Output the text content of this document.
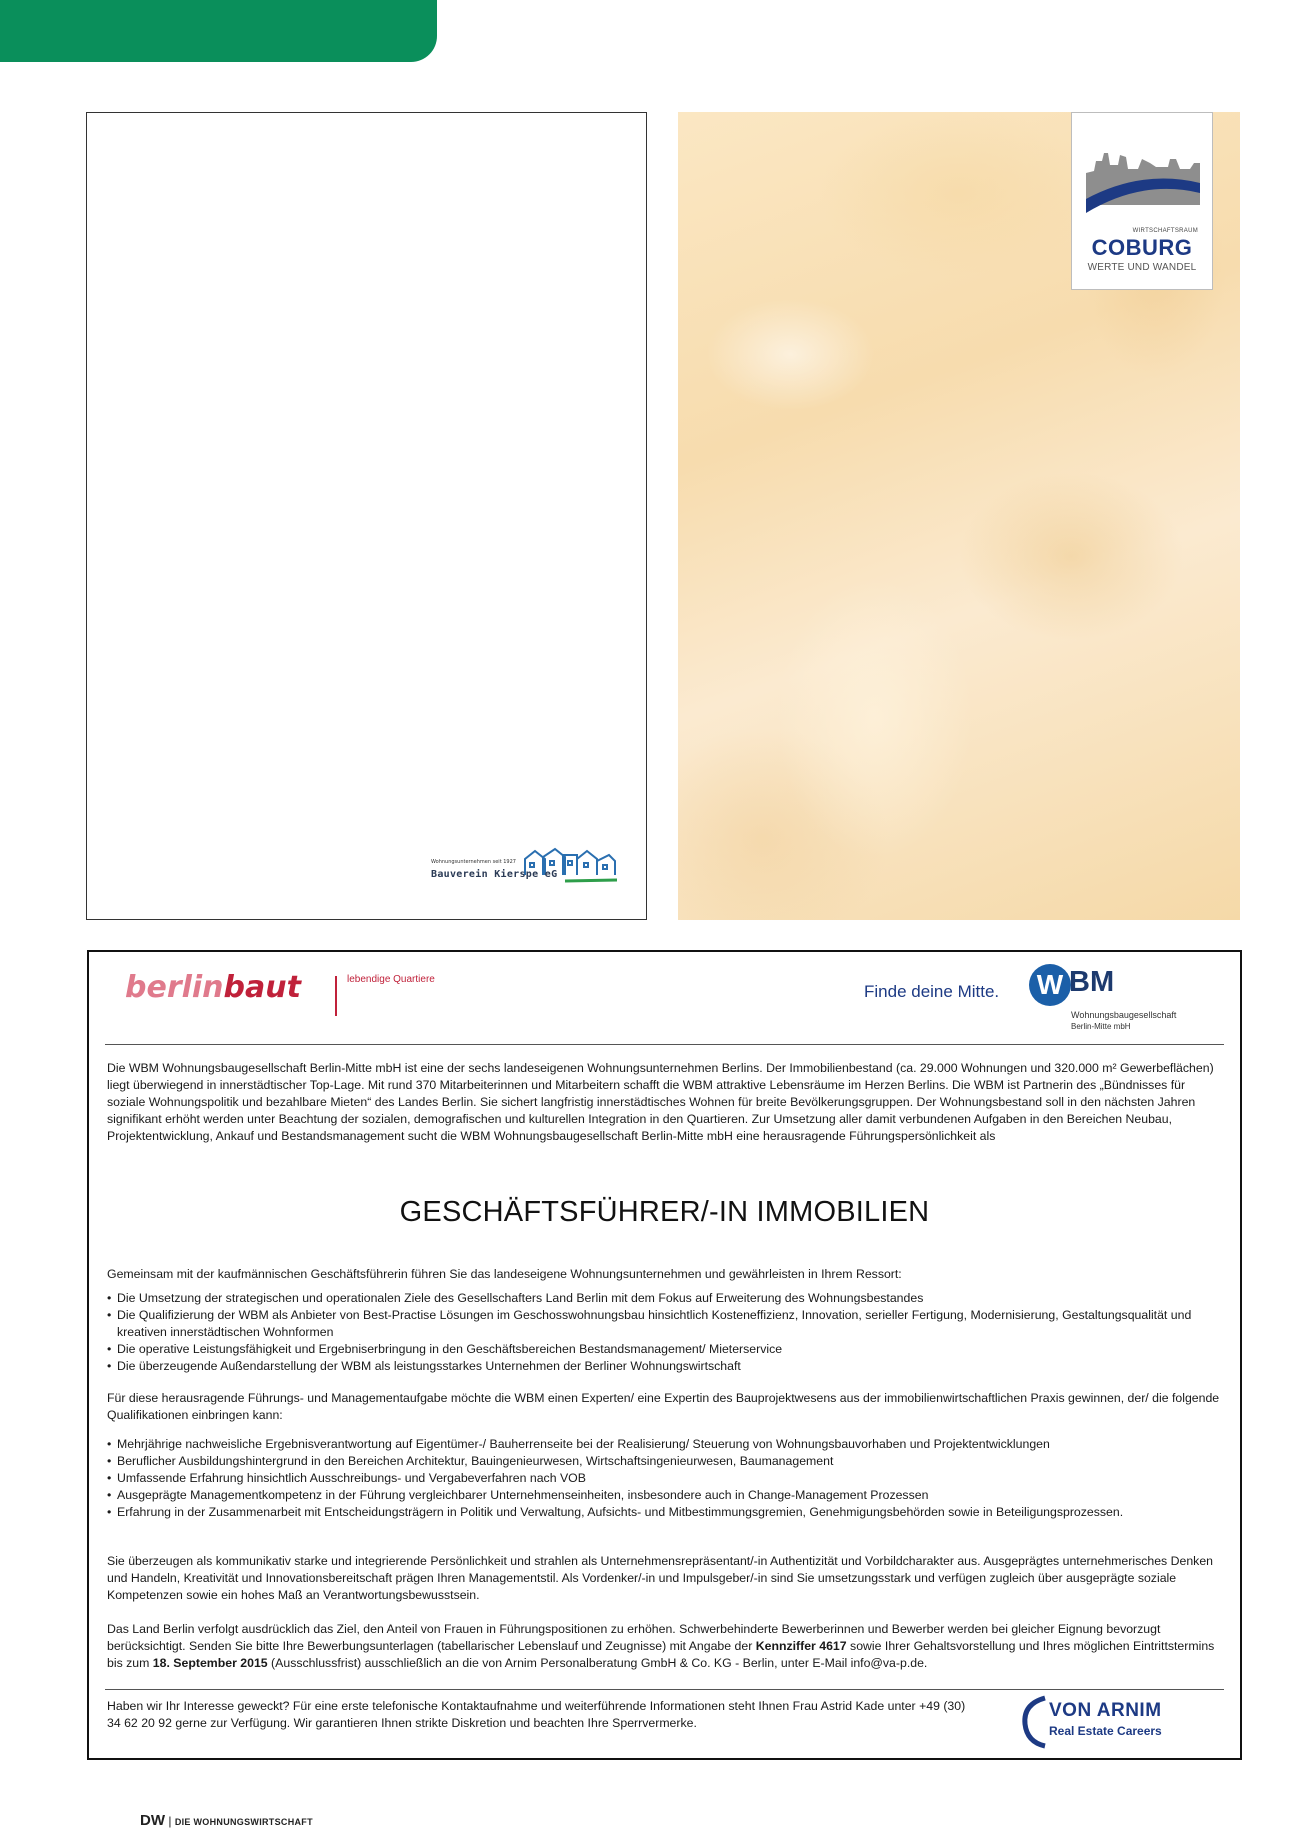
Wohnungsunternehmen seit 1927
Bauverein Kierspe eG
WIRTSCHAFTSRAUM
COBURG
WERTE UND WANDEL
berlinbaut	lebendige Quartiere
Finde deine Mitte. W BM
Wohnungsbaugesellschaft
Berlin-Mitte mbH
Die WBM Wohnungsbaugesellschaft Berlin-Mitte mbH ist eine der sechs landeseigenen Wohnungsunternehmen Berlins. Der Immobilienbestand (ca. 29.000 Wohnungen und 320.000 m² Gewerbeflächen) liegt überwiegend in innerstädtischer Top-Lage. Mit rund 370 Mitarbeiterinnen und Mitarbeitern schafft die WBM attraktive Lebensräume im Herzen Berlins. Die WBM ist Partnerin des „Bündnisses für soziale Wohnungspolitik und bezahlbare Mieten“ des Landes Berlin. Sie sichert langfristig innerstädtisches Wohnen für breite Bevölkerungsgruppen. Der Wohnungsbestand soll in den nächsten Jahren signifikant erhöht werden unter Beachtung der sozialen, demografischen und kulturellen Integration in den Quartieren. Zur Umsetzung aller damit verbundenen Aufgaben in den Bereichen Neubau, Projektentwicklung, Ankauf und Bestandsmanagement sucht die WBM Wohnungsbaugesellschaft Berlin-Mitte mbH eine herausragende Führungspersönlichkeit als
GESCHÄFTSFÜHRER/-IN IMMOBILIEN
Gemeinsam mit der kaufmännischen Geschäftsführerin führen Sie das landeseigene Wohnungsunternehmen und gewährleisten in Ihrem Ressort:
• Die Umsetzung der strategischen und operationalen Ziele des Gesellschafters Land Berlin mit dem Fokus auf Erweiterung des Wohnungsbestandes
• Die Qualifizierung der WBM als Anbieter von Best-Practise Lösungen im Geschosswohnungsbau hinsichtlich Kosteneffizienz, Innovation, serieller Fertigung, Modernisierung, Gestaltungsqualität und kreativen innerstädtischen Wohnformen
• Die operative Leistungsfähigkeit und Ergebniserbringung in den Geschäftsbereichen Bestandsmanagement/ Mieterservice
• Die überzeugende Außendarstellung der WBM als leistungsstarkes Unternehmen der Berliner Wohnungswirtschaft
Für diese herausragende Führungs- und Managementaufgabe möchte die WBM einen Experten/ eine Expertin des Bauprojektwesens aus der immobilienwirtschaftlichen Praxis gewinnen, der/ die folgende Qualifikationen einbringen kann:
• Mehrjährige nachweisliche Ergebnisverantwortung auf Eigentümer-/ Bauherrenseite bei der Realisierung/ Steuerung von Wohnungsbauvorhaben und Projektentwicklungen
• Beruflicher Ausbildungshintergrund in den Bereichen Architektur, Bauingenieurwesen, Wirtschaftsingenieurwesen, Baumanagement
• Umfassende Erfahrung hinsichtlich Ausschreibungs- und Vergabeverfahren nach VOB
• Ausgeprägte Managementkompetenz in der Führung vergleichbarer Unternehmenseinheiten, insbesondere auch in Change-Management Prozessen
• Erfahrung in der Zusammenarbeit mit Entscheidungsträgern in Politik und Verwaltung, Aufsichts- und Mitbestimmungsgremien, Genehmigungsbehörden sowie in Beteiligungsprozessen.
Sie überzeugen als kommunikativ starke und integrierende Persönlichkeit und strahlen als Unternehmensrepräsentant/-in Authentizität und Vorbildcharakter aus. Ausgeprägtes unternehmerisches Denken und Handeln, Kreativität und Innovationsbereitschaft prägen Ihren Managementstil. Als Vordenker/-in und Impulsgeber/-in sind Sie umsetzungsstark und verfügen zugleich über ausgeprägte soziale Kompetenzen sowie ein hohes Maß an Verantwortungsbewusstsein.
Das Land Berlin verfolgt ausdrücklich das Ziel, den Anteil von Frauen in Führungspositionen zu erhöhen. Schwerbehinderte Bewerberinnen und Bewerber werden bei gleicher Eignung bevorzugt berücksichtigt. Senden Sie bitte Ihre Bewerbungsunterlagen (tabellarischer Lebenslauf und Zeugnisse) mit Angabe der Kennziffer 4617 sowie Ihrer Gehaltsvorstellung und Ihres möglichen Eintrittstermins bis zum 18. September 2015 (Ausschlussfrist) ausschließlich an die von Arnim Personalberatung GmbH & Co. KG - Berlin, unter E-Mail info@va-p.de.
Haben wir Ihr Interesse geweckt? Für eine erste telefonische Kontaktaufnahme und weiterführende Informationen steht Ihnen Frau Astrid Kade unter +49 (30) 34 62 20 92 gerne zur Verfügung. Wir garantieren Ihnen strikte Diskretion und beachten Ihre Sperrvermerke.
VON ARNIM
Real Estate Careers
DW | DIE WOHNUNGSWIRTSCHAFT
